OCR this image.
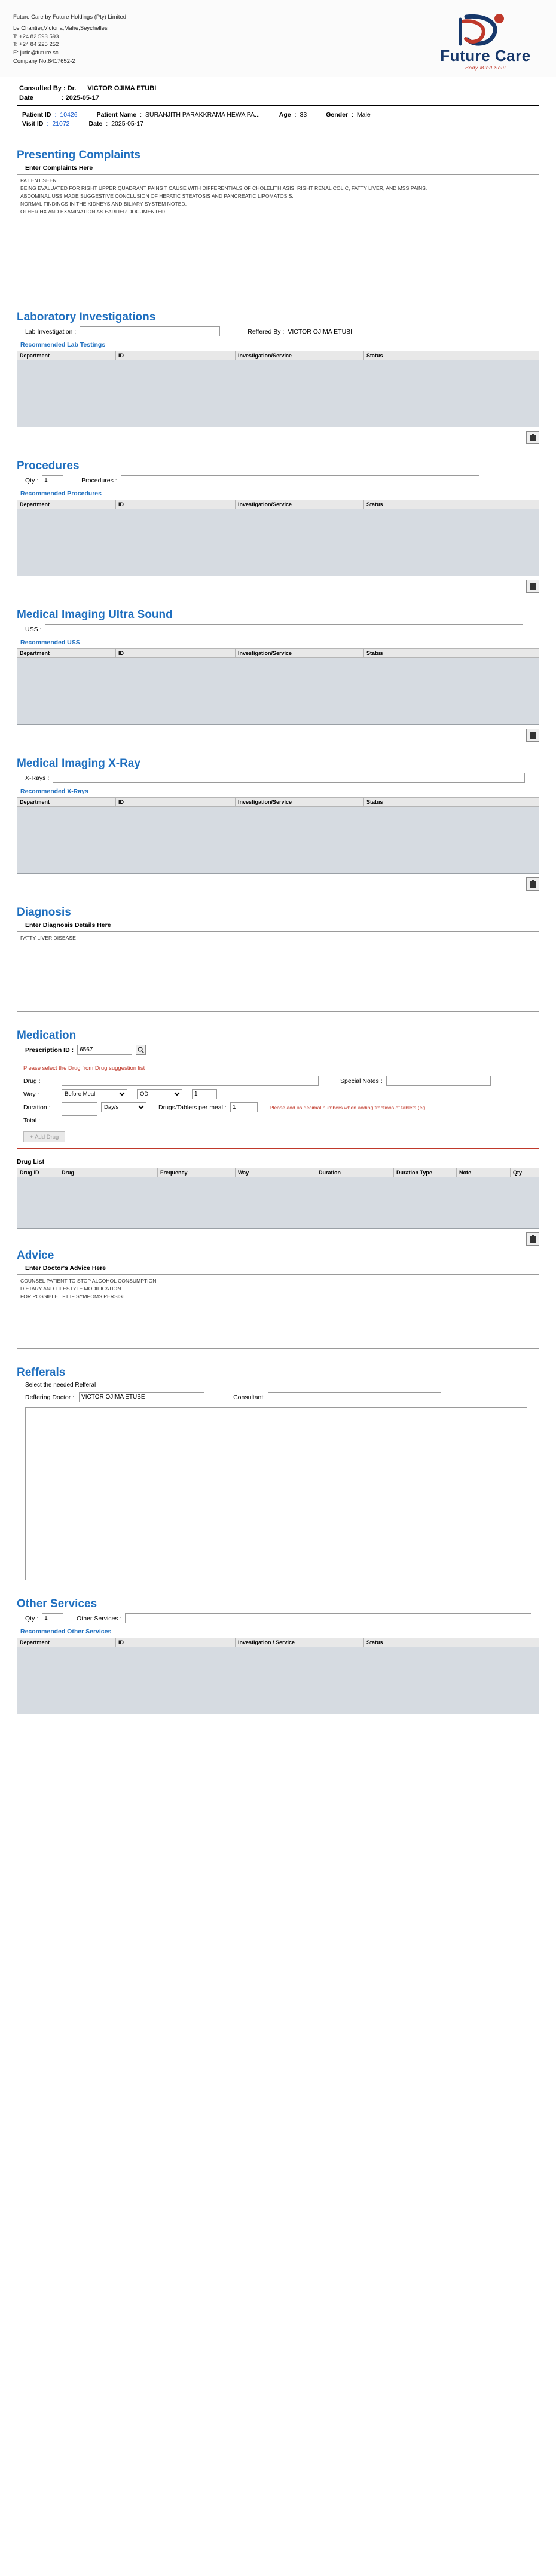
Future Care by Future Holdings (Pty) Limited
Le Chantier,Victoria,Mahe,Seychelles
T: +24 82 593 593
T: +24 84 225 252
E: jude@future.sc
Company No.8417652-2	Future Care
Body Mind Soul
Consulted By : Dr. VICTOR OJIMA ETUBI
Date	: 2025-05-17
Patient ID : 10426	Patient Name : SURANJITH PARAKKRAMA HEWA PA...	Age : 33	Gender : Male
Visit ID : 21072	Date : 2025-05-17
Presenting Complaints
Enter Complaints Here
PATIENT SEEN. BEING EVALUATED FOR RIGHT UPPER QUADRANT PAINS T CAUSE WITH DIFFERENTIALS OF CHOLELITHIASIS, RIGHT RENAL COLIC, FATTY LIVER, AND MSS PAINS. ABDOMINAL USS MADE SUGGESTIVE CONCLUSION OF HEPATIC STEATOSIS AND PANCREATIC LIPOMATOSIS. NORMAL FINDINGS IN THE KIDNEYS AND BILIARY SYSTEM NOTED. OTHER HX AND EXAMINATION AS EARLIER DOCUMENTED.
Laboratory Investigations
Lab Investigation :	Reffered By : VICTOR OJIMA ETUBI
Recommended Lab Testings
Department	ID	Investigation/Service	Status
Procedures
Qty :
1	Procedures :
Recommended Procedures
Department	ID	Investigation/Service	Status
Medical Imaging Ultra Sound
USS :
Recommended USS
Department	ID	Investigation/Service	Status
Medical Imaging X-Ray
X-Rays :
Recommended X-Rays
Department	ID	Investigation/Service	Status
Diagnosis
Enter Diagnosis Details Here
FATTY LIVER DISEASE
Medication
Prescription ID :
6567
Please select the Drug from Drug suggestion list
Drug :	Special Notes :
Way :
Before Meal
OD
1
Duration :
Day/s	Drugs/Tablets per meal :
1	Please add as decimal numbers when adding fractions of tablets (eg.
Total :
+ Add Drug
Drug List
Drug ID	Drug	Frequency	Way	Duration	Duration Type	Note	Qty
Advice
Enter Doctor's Advice Here
COUNSEL PATIENT TO STOP ALCOHOL CONSUMPTION DIETARY AND LIFESTYLE MODIFICATION FOR POSSIBLE LFT IF SYMPOMS PERSIST
Refferals
Select the needed Refferal
Reffering Doctor :
VICTOR OJIMA ETUBE	Consultant
Other Services
Qty :
1	Other Services :
Recommended Other Services
Department	ID	Investigation / Service	Status
